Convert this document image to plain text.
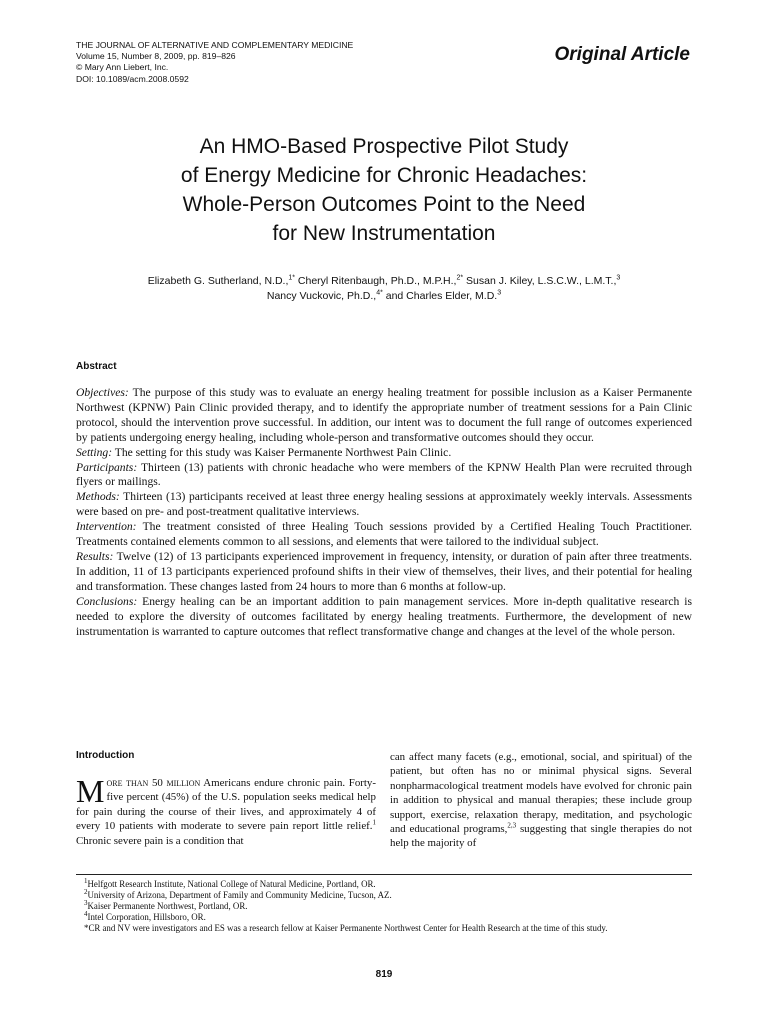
THE JOURNAL OF ALTERNATIVE AND COMPLEMENTARY MEDICINE
Volume 15, Number 8, 2009, pp. 819–826
© Mary Ann Liebert, Inc.
DOI: 10.1089/acm.2008.0592
Original Article
An HMO-Based Prospective Pilot Study
of Energy Medicine for Chronic Headaches:
Whole-Person Outcomes Point to the Need
for New Instrumentation
Elizabeth G. Sutherland, N.D.,$^{1*}$ Cheryl Ritenbaugh, Ph.D., M.P.H.,$^{2*}$ Susan J. Kiley, L.S.C.W., L.M.T.,$^3$
Nancy Vuckovic, Ph.D.,$^{4*}$ and Charles Elder, M.D.$^3$
Abstract

Objectives: The purpose of this study was to evaluate an energy healing treatment for possible inclusion as a Kaiser Permanente Northwest (KPNW) Pain Clinic provided therapy, and to identify the appropriate number of treatment sessions for a Pain Clinic protocol, should the intervention prove successful. In addition, our intent was to document the full range of outcomes experienced by patients undergoing energy healing, including whole-person and transformative outcomes should they occur.

Setting: The setting for this study was Kaiser Permanente Northwest Pain Clinic.

Participants: Thirteen (13) patients with chronic headache who were members of the KPNW Health Plan were recruited through flyers or mailings.

Methods: Thirteen (13) participants received at least three energy healing sessions at approximately weekly intervals. Assessments were based on pre- and post-treatment qualitative interviews.

Intervention: The treatment consisted of three Healing Touch sessions provided by a Certified Healing Touch Practitioner. Treatments contained elements common to all sessions, and elements that were tailored to the individual subject.

Results: Twelve (12) of 13 participants experienced improvement in frequency, intensity, or duration of pain after three treatments. In addition, 11 of 13 participants experienced profound shifts in their view of themselves, their lives, and their potential for healing and transformation. These changes lasted from 24 hours to more than 6 months at follow-up.

Conclusions: Energy healing can be an important addition to pain management services. More in-depth qualitative research is needed to explore the diversity of outcomes facilitated by energy healing treatments. Furthermore, the development of new instrumentation is warranted to capture outcomes that reflect transformative change and changes at the level of the whole person.

Introduction
More than 50 million Americans endure chronic pain. Forty-five percent (45%) of the U.S. population seeks medical help for pain during the course of their lives, and approximately 4 of every 10 patients with moderate to severe pain report little relief.$^1$ Chronic severe pain is a condition that
can affect many facets (e.g., emotional, social, and spiritual) of the patient, but often has no or minimal physical signs. Several nonpharmacological treatment models have evolved for chronic pain in addition to physical and manual therapies; these include group support, exercise, relaxation therapy, meditation, and psychologic and educational programs,$^{2,3}$ suggesting that single therapies do not help the majority of
$^1$Helfgott Research Institute, National College of Natural Medicine, Portland, OR.
$^2$University of Arizona, Department of Family and Community Medicine, Tucson, AZ.
$^3$Kaiser Permanente Northwest, Portland, OR.
$^4$Intel Corporation, Hillsboro, OR.
*CR and NV were investigators and ES was a research fellow at Kaiser Permanente Northwest Center for Health Research at the time of this study.
819
